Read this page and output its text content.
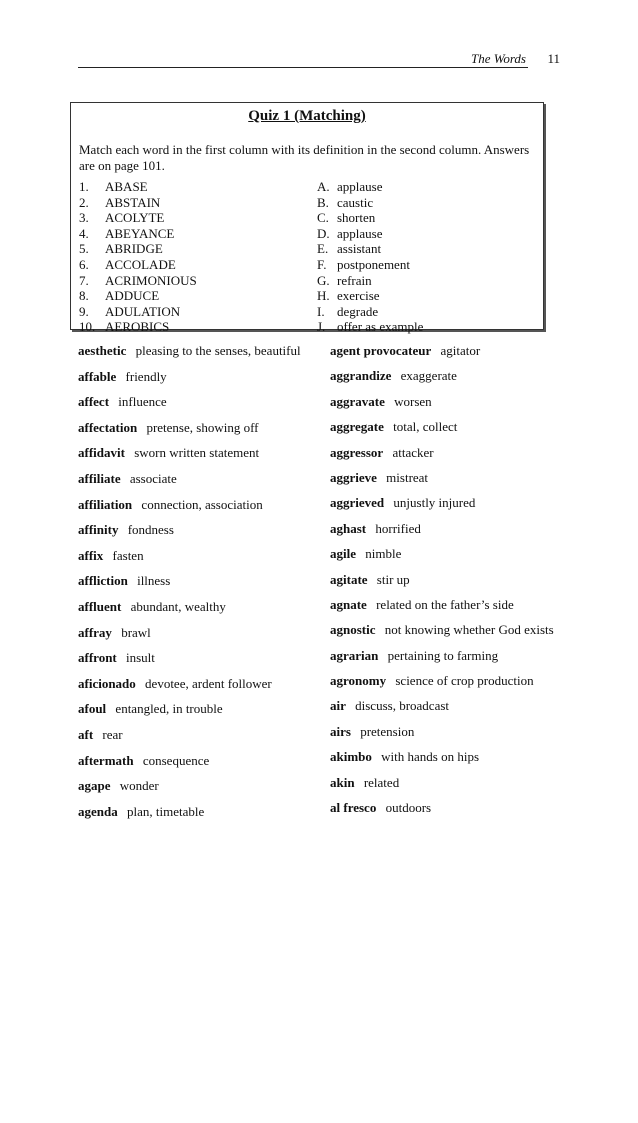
The Words 11
Quiz 1 (Matching)
Match each word in the first column with its definition in the second column. Answers are on page 101.
1. ABASE
2. ABSTAIN
3. ACOLYTE
4. ABEYANCE
5. ABRIDGE
6. ACCOLADE
7. ACRIMONIOUS
8. ADDUCE
9. ADULATION
10. AEROBICS
A. applause
B. caustic
C. shorten
D. applause
E. assistant
F. postponement
G. refrain
H. exercise
I. degrade
J. offer as example
aesthetic pleasing to the senses, beautiful
affable friendly
affect influence
affectation pretense, showing off
affidavit sworn written statement
affiliate associate
affiliation connection, association
affinity fondness
affix fasten
affliction illness
affluent abundant, wealthy
affray brawl
affront insult
aficionado devotee, ardent follower
afoul entangled, in trouble
aft rear
aftermath consequence
agape wonder
agenda plan, timetable
agent provocateur agitator
aggrandize exaggerate
aggravate worsen
aggregate total, collect
aggressor attacker
aggrieve mistreat
aggrieved unjustly injured
aghast horrified
agile nimble
agitate stir up
agnate related on the father’s side
agnostic not knowing whether God exists
agrarian pertaining to farming
agronomy science of crop production
air discuss, broadcast
airs pretension
akimbo with hands on hips
akin related
al fresco outdoors
